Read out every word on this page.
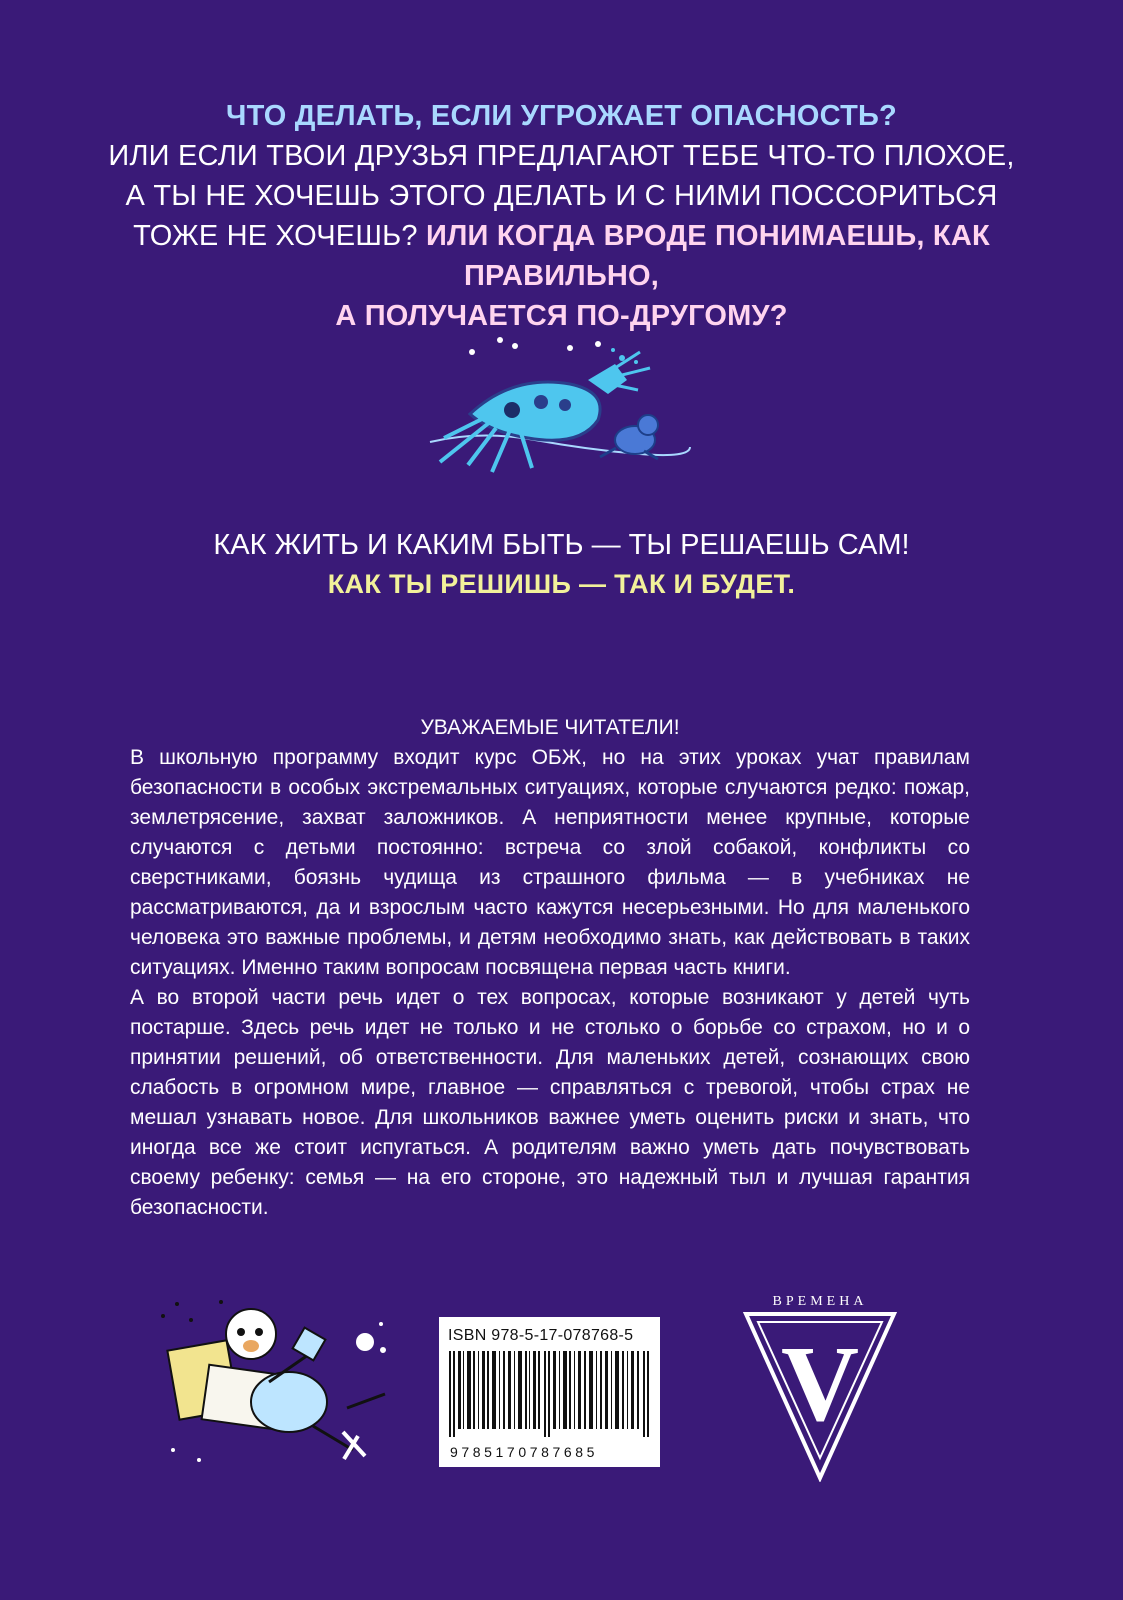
ЧТО ДЕЛАТЬ, ЕСЛИ УГРОЖАЕТ ОПАСНОСТЬ?
ИЛИ ЕСЛИ ТВОИ ДРУЗЬЯ ПРЕДЛАГАЮТ ТЕБЕ ЧТО-ТО ПЛОХОЕ,
А ТЫ НЕ ХОЧЕШЬ ЭТОГО ДЕЛАТЬ И С НИМИ ПОССОРИТЬСЯ
ТОЖЕ НЕ ХОЧЕШЬ? ИЛИ КОГДА ВРОДЕ ПОНИМАЕШЬ, КАК ПРАВИЛЬНО,
А ПОЛУЧАЕТСЯ ПО-ДРУГОМУ?
КАК ЖИТЬ И КАКИМ БЫТЬ — ТЫ РЕШАЕШЬ САМ!
КАК ТЫ РЕШИШЬ — ТАК И БУДЕТ.
УВАЖАЕМЫЕ ЧИТАТЕЛИ!

В школьную программу входит курс ОБЖ, но на этих уроках учат правилам безопасности в особых экстремальных ситуациях, которые случаются редко: пожар, землетрясение, захват заложников. А неприятности менее крупные, которые случаются с детьми постоянно: встреча со злой собакой, конфликты со сверстниками, боязнь чудища из страшного фильма — в учебниках не рассматриваются, да и взрослым часто кажутся несерьезными. Но для маленького человека это важные проблемы, и детям необходимо знать, как действовать в таких ситуациях. Именно таким вопросам посвящена первая часть книги.

А во второй части речь идет о тех вопросах, которые возникают у детей чуть постарше. Здесь речь идет не только и не столько о борьбе со страхом, но и о принятии решений, об ответственности. Для маленьких детей, сознающих свою слабость в огромном мире, главное — справляться с тревогой, чтобы страх не мешал узнавать новое. Для школьников важнее уметь оценить риски и знать, что иногда все же стоит испугаться. А родителям важно уметь дать почувствовать своему ребенку: семья — на его стороне, это надежный тыл и лучшая гарантия безопасности.

ISBN 978-5-17-078768-5
9785170787685
ВРЕМЕНА
V
